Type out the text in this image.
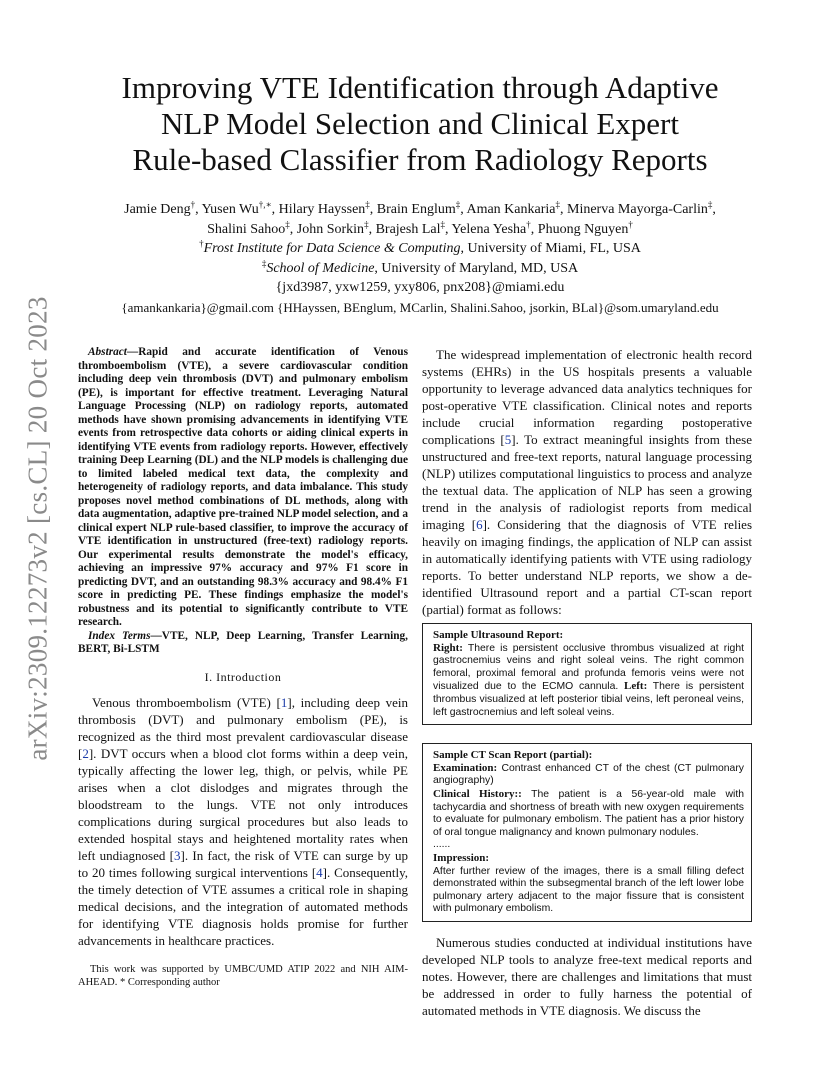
arXiv:2309.12273v2 [cs.CL] 20 Oct 2023
Improving VTE Identification through Adaptive
NLP Model Selection and Clinical Expert
Rule-based Classifier from Radiology Reports
Jamie Deng†, Yusen Wu†,∗, Hilary Hayssen‡, Brain Englum‡, Aman Kankaria‡, Minerva Mayorga-Carlin‡,
Shalini Sahoo‡, John Sorkin‡, Brajesh Lal‡, Yelena Yesha†, Phuong Nguyen†
†Frost Institute for Data Science & Computing, University of Miami, FL, USA
‡School of Medicine, University of Maryland, MD, USA
{jxd3987, yxw1259, yxy806, pnx208}@miami.edu
{amankankaria}@gmail.com {HHayssen, BEnglum, MCarlin, Shalini.Sahoo, jsorkin, BLal}@som.umaryland.edu

Abstract—Rapid and accurate identification of Venous thromboembolism (VTE), a severe cardiovascular condition including deep vein thrombosis (DVT) and pulmonary embolism (PE), is important for effective treatment. Leveraging Natural Language Processing (NLP) on radiology reports, automated methods have shown promising advancements in identifying VTE events from retrospective data cohorts or aiding clinical experts in identifying VTE events from radiology reports. However, effectively training Deep Learning (DL) and the NLP models is challenging due to limited labeled medical text data, the complexity and heterogeneity of radiology reports, and data imbalance. This study proposes novel method combinations of DL methods, along with data augmentation, adaptive pre-trained NLP model selection, and a clinical expert NLP rule-based classifier, to improve the accuracy of VTE identification in unstructured (free-text) radiology reports. Our experimental results demonstrate the model's efficacy, achieving an impressive 97% accuracy and 97% F1 score in predicting DVT, and an outstanding 98.3% accuracy and 98.4% F1 score in predicting PE. These findings emphasize the model's robustness and its potential to significantly contribute to VTE research.

Index Terms—VTE, NLP, Deep Learning, Transfer Learning, BERT, Bi-LSTM

I. Introduction

Venous thromboembolism (VTE) [1], including deep vein thrombosis (DVT) and pulmonary embolism (PE), is recognized as the third most prevalent cardiovascular disease [2]. DVT occurs when a blood clot forms within a deep vein, typically affecting the lower leg, thigh, or pelvis, while PE arises when a clot dislodges and migrates through the bloodstream to the lungs. VTE not only introduces complications during surgical procedures but also leads to extended hospital stays and heightened mortality rates when left undiagnosed [3]. In fact, the risk of VTE can surge by up to 20 times following surgical interventions [4]. Consequently, the timely detection of VTE assumes a critical role in shaping medical decisions, and the integration of automated methods for identifying VTE diagnosis holds promise for further advancements in healthcare practices.

This work was supported by UMBC/UMD ATIP 2022 and NIH AIM-AHEAD. * Corresponding author

The widespread implementation of electronic health record systems (EHRs) in the US hospitals presents a valuable opportunity to leverage advanced data analytics techniques for post-operative VTE classification. Clinical notes and reports include crucial information regarding postoperative complications [5]. To extract meaningful insights from these unstructured and free-text reports, natural language processing (NLP) utilizes computational linguistics to process and analyze the textual data. The application of NLP has seen a growing trend in the analysis of radiologist reports from medical imaging [6]. Considering that the diagnosis of VTE relies heavily on imaging findings, the application of NLP can assist in automatically identifying patients with VTE using radiology reports. To better understand NLP reports, we show a de-identified Ultrasound report and a partial CT-scan report (partial) format as follows:

Sample Ultrasound Report:
Right: There is persistent occlusive thrombus visualized at right gastrocnemius veins and right soleal veins. The right common femoral, proximal femoral and profunda femoris veins were not visualized due to the ECMO cannula. Left: There is persistent thrombus visualized at left posterior tibial veins, left peroneal veins, left gastrocnemius and left soleal veins.
Sample CT Scan Report (partial):
Examination: Contrast enhanced CT of the chest (CT pulmonary angiography)
Clinical History:: The patient is a 56-year-old male with tachycardia and shortness of breath with new oxygen requirements to evaluate for pulmonary embolism. The patient has a prior history of oral tongue malignancy and known pulmonary nodules.
......
Impression:
After further review of the images, there is a small filling defect demonstrated within the subsegmental branch of the left lower lobe pulmonary artery adjacent to the major fissure that is consistent with pulmonary embolism.

Numerous studies conducted at individual institutions have developed NLP tools to analyze free-text medical reports and notes. However, there are challenges and limitations that must be addressed in order to fully harness the potential of automated methods in VTE diagnosis. We discuss the
